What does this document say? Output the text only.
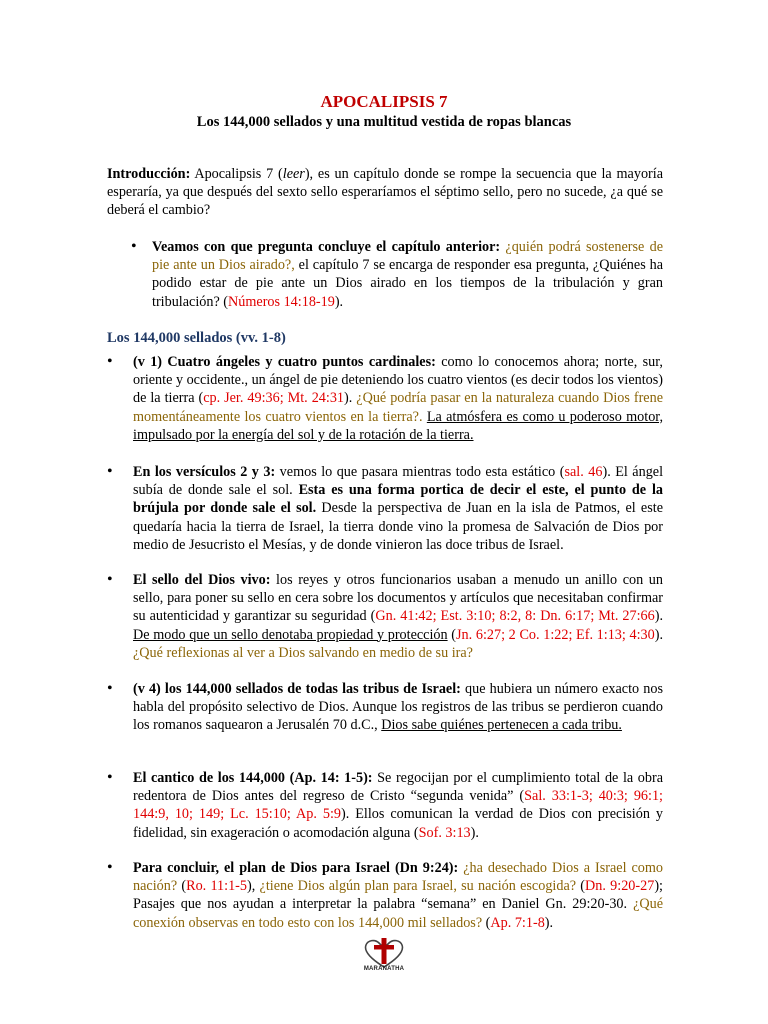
APOCALIPSIS 7
Los 144,000 sellados y una multitud vestida de ropas blancas
Introducción: Apocalipsis 7 (leer), es un capítulo donde se rompe la secuencia que la mayoría esperaría, ya que después del sexto sello esperaríamos el séptimo sello, pero no sucede, ¿a qué se deberá el cambio?
• Veamos con que pregunta concluye el capítulo anterior: ¿quién podrá sostenerse de pie ante un Dios airado?, el capítulo 7 se encarga de responder esa pregunta, ¿Quiénes ha podido estar de pie ante un Dios airado en los tiempos de la tribulación y gran tribulación? (Números 14:18-19).
Los 144,000 sellados (vv. 1-8)
• (v 1) Cuatro ángeles y cuatro puntos cardinales: como lo conocemos ahora; norte, sur, oriente y occidente., un ángel de pie deteniendo los cuatro vientos (es decir todos los vientos) de la tierra (cp. Jer. 49:36; Mt. 24:31). ¿Qué podría pasar en la naturaleza cuando Dios frene momentáneamente los cuatro vientos en la tierra?. La atmósfera es como u poderoso motor, impulsado por la energía del sol y de la rotación de la tierra.
• En los versículos 2 y 3: vemos lo que pasara mientras todo esta estático (sal. 46). El ángel subía de donde sale el sol. Esta es una forma portica de decir el este, el punto de la brújula por donde sale el sol. Desde la perspectiva de Juan en la isla de Patmos, el este quedaría hacia la tierra de Israel, la tierra donde vino la promesa de Salvación de Dios por medio de Jesucristo el Mesías, y de donde vinieron las doce tribus de Israel.
• El sello del Dios vivo: los reyes y otros funcionarios usaban a menudo un anillo con un sello, para poner su sello en cera sobre los documentos y artículos que necesitaban confirmar su autenticidad y garantizar su seguridad (Gn. 41:42; Est. 3:10; 8:2, 8: Dn. 6:17; Mt. 27:66). De modo que un sello denotaba propiedad y protección (Jn. 6:27; 2 Co. 1:22; Ef. 1:13; 4:30). ¿Qué reflexionas al ver a Dios salvando en medio de su ira?
• (v 4) los 144,000 sellados de todas las tribus de Israel: que hubiera un número exacto nos habla del propósito selectivo de Dios. Aunque los registros de las tribus se perdieron cuando los romanos saquearon a Jerusalén 70 d.C., Dios sabe quiénes pertenecen a cada tribu.
• El cantico de los 144,000 (Ap. 14: 1-5): Se regocijan por el cumplimiento total de la obra redentora de Dios antes del regreso de Cristo “segunda venida” (Sal. 33:1-3; 40:3; 96:1; 144:9, 10; 149; Lc. 15:10; Ap. 5:9). Ellos comunican la verdad de Dios con precisión y fidelidad, sin exageración o acomodación alguna (Sof. 3:13).
• Para concluir, el plan de Dios para Israel (Dn 9:24): ¿ha desechado Dios a Israel como nación? (Ro. 11:1-5), ¿tiene Dios algún plan para Israel, su nación escogida? (Dn. 9:20-27); Pasajes que nos ayudan a interpretar la palabra “semana” en Daniel Gn. 29:20-30. ¿Qué conexión observas en todo esto con los 144,000 mil sellados? (Ap. 7:1-8).
MARANATHA
